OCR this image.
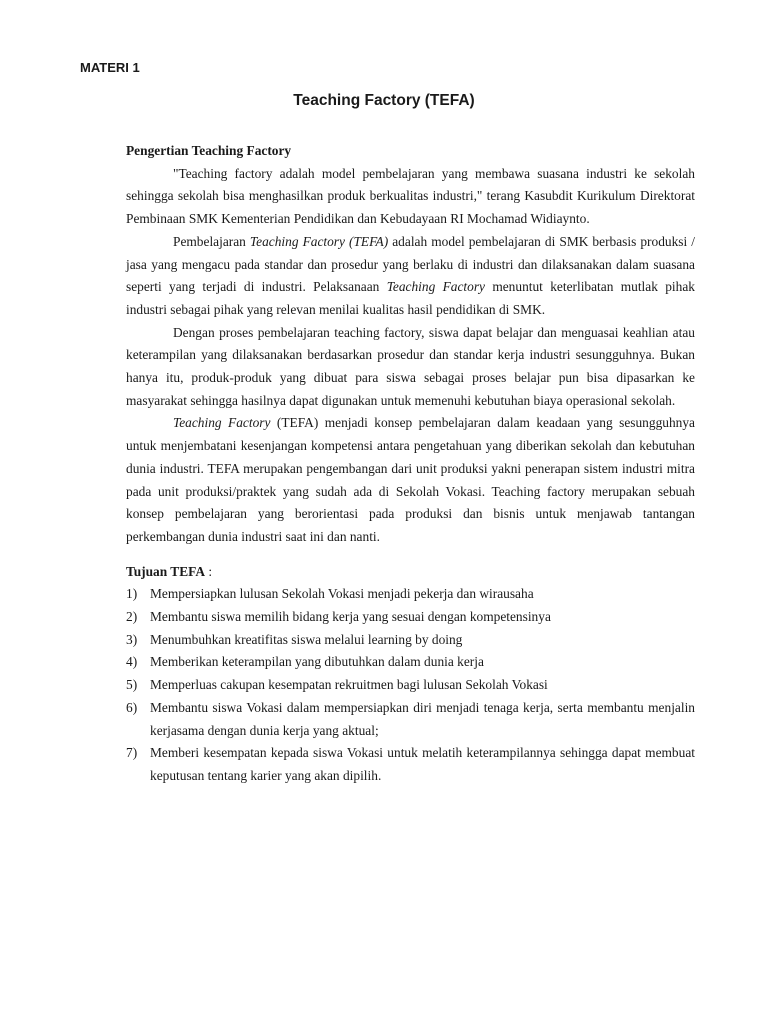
MATERI 1
Teaching Factory (TEFA)

Pengertian Teaching Factory

"Teaching factory adalah model pembelajaran yang membawa suasana industri ke sekolah sehingga sekolah bisa menghasilkan produk berkualitas industri," terang Kasubdit Kurikulum Direktorat Pembinaan SMK Kementerian Pendidikan dan Kebudayaan RI Mochamad Widiaynto.

Pembelajaran Teaching Factory (TEFA) adalah model pembelajaran di SMK berbasis produksi / jasa yang mengacu pada standar dan prosedur yang berlaku di industri dan dilaksanakan dalam suasana seperti yang terjadi di industri. Pelaksanaan Teaching Factory menuntut keterlibatan mutlak pihak industri sebagai pihak yang relevan menilai kualitas hasil pendidikan di SMK.

Dengan proses pembelajaran teaching factory, siswa dapat belajar dan menguasai keahlian atau keterampilan yang dilaksanakan berdasarkan prosedur dan standar kerja industri sesungguhnya. Bukan hanya itu, produk-produk yang dibuat para siswa sebagai proses belajar pun bisa dipasarkan ke masyarakat sehingga hasilnya dapat digunakan untuk memenuhi kebutuhan biaya operasional sekolah.

Teaching Factory (TEFA) menjadi konsep pembelajaran dalam keadaan yang sesungguhnya untuk menjembatani kesenjangan kompetensi antara pengetahuan yang diberikan sekolah dan kebutuhan dunia industri. TEFA merupakan pengembangan dari unit produksi yakni penerapan sistem industri mitra pada unit produksi/praktek yang sudah ada di Sekolah Vokasi. Teaching factory merupakan sebuah konsep pembelajaran yang berorientasi pada produksi dan bisnis untuk menjawab tantangan perkembangan dunia industri saat ini dan nanti.

Tujuan TEFA :

1) Mempersiapkan lulusan Sekolah Vokasi menjadi pekerja dan wirausaha
2) Membantu siswa memilih bidang kerja yang sesuai dengan kompetensinya
3) Menumbuhkan kreatifitas siswa melalui learning by doing
4) Memberikan keterampilan yang dibutuhkan dalam dunia kerja
5) Memperluas cakupan kesempatan rekruitmen bagi lulusan Sekolah Vokasi
6) Membantu siswa Vokasi dalam mempersiapkan diri menjadi tenaga kerja, serta membantu menjalin kerjasama dengan dunia kerja yang aktual;
7) Memberi kesempatan kepada siswa Vokasi untuk melatih keterampilannya sehingga dapat membuat keputusan tentang karier yang akan dipilih.
